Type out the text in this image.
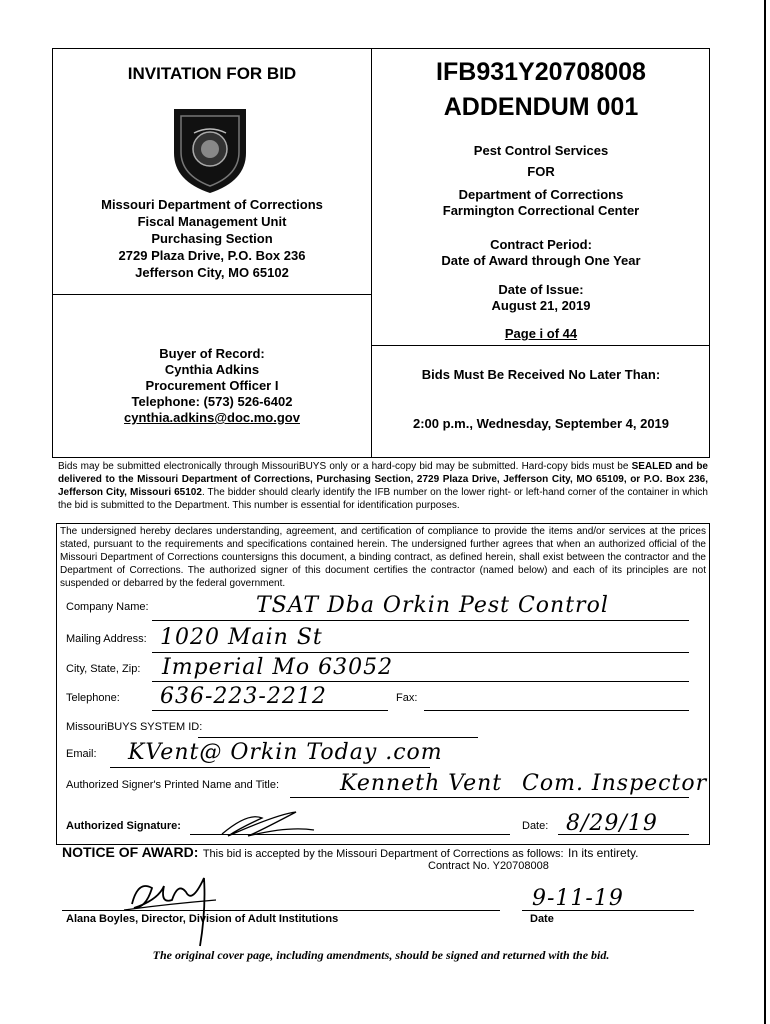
INVITATION FOR BID
Missouri Department of Corrections
Fiscal Management Unit
Purchasing Section
2729 Plaza Drive, P.O. Box 236
Jefferson City, MO 65102
IFB931Y20708008
ADDENDUM 001
Pest Control Services
FOR
Department of Corrections
Farmington Correctional Center
Contract Period:
Date of Award through One Year
Date of Issue:
August 21, 2019
Page i of 44
Buyer of Record:
Cynthia Adkins
Procurement Officer I
Telephone: (573) 526-6402
cynthia.adkins@doc.mo.gov
Bids Must Be Received No Later Than:
2:00 p.m., Wednesday, September 4, 2019
Bids may be submitted electronically through MissouriBUYS only or a hard-copy bid may be submitted. Hard-copy bids must be SEALED and be delivered to the Missouri Department of Corrections, Purchasing Section, 2729 Plaza Drive, Jefferson City, MO 65109, or P.O. Box 236, Jefferson City, Missouri 65102. The bidder should clearly identify the IFB number on the lower right- or left-hand corner of the container in which the bid is submitted to the Department. This number is essential for identification purposes.
The undersigned hereby declares understanding, agreement, and certification of compliance to provide the items and/or services at the prices stated, pursuant to the requirements and specifications contained herein. The undersigned further agrees that when an authorized official of the Missouri Department of Corrections countersigns this document, a binding contract, as defined herein, shall exist between the contractor and the Department of Corrections. The authorized signer of this document certifies the contractor (named below) and each of its principles are not suspended or debarred by the federal government.
Company Name:	TSAT Dba Orkin Pest Control
Mailing Address: 1020 Main St
City, State, Zip: Imperial Mo 63052
Telephone: 636-223-2212	Fax:
MissouriBUYS SYSTEM ID:
Email: KVent@ Orkin Today .com
Authorized Signer's Printed Name and Title:	Kenneth Vent Com. Inspector
Authorized Signature:	Date: 8/29/19
NOTICE OF AWARD: This bid is accepted by the Missouri Department of Corrections as follows: In its entirety.
Contract No. Y20708008
Alana Boyles, Director, Division of Adult Institutions
9-11-19
Date
The original cover page, including amendments, should be signed and returned with the bid.
